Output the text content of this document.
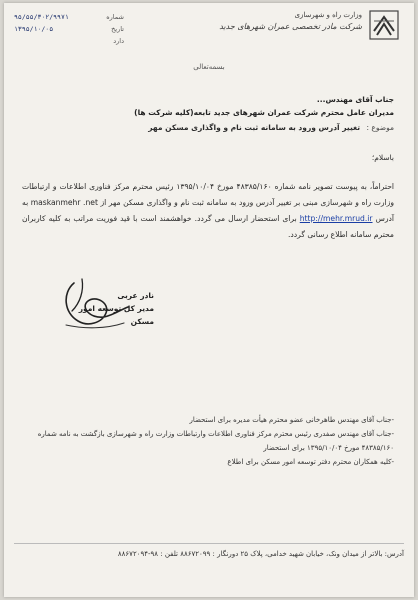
وزارت راه و شهرسازی
شرکت مادر تخصصی عمران شهرهای جدید
شماره
۹۵/۵۵/۳۰۲/۹۹۷۱
تاریخ
۱۳۹۵/۱۰/۰۵
دارد
بسمه‌تعالی
جناب آقای مهندس...
مدیران عامل محترم شرکت عمران شهرهای جدید تابعه(کلیه شرکت ها)
موضوع : تغییر آدرس ورود به سامانه ثبت نام و واگذاری مسکن مهر
باسلام؛
احتراماً، به پیوست تصویر نامه شماره ۴۸۳۸۵/۱۶۰ مورخ ۱۳۹۵/۱۰/۰۴ رئیس محترم مرکز فناوری اطلاعات و ارتباطات وزارت راه و شهرسازی مبنی بر تغییر آدرس ورود به سامانه ثبت نام و واگذاری مسکن مهر از maskanmehr .net به آدرس http://mehr.mrud.ir برای استحضار ارسال می گردد. خواهشمند است با قید فوریت مراتب به کلیه کاربران محترم سامانه اطلاع رسانی گردد.
نادر عربی
مدیر کل توسعه امور مسکن
-جناب آقای مهندس طاهرخانی عضو محترم هیأت مدیره برای استحضار
-جناب آقای مهندس صفدری رئیس محترم مرکز فناوری اطلاعات وارتباطات وزارت راه و شهرسازی بازگشت به نامه شماره ۴۸۳۸۵/۱۶۰ مورخ ۱۳۹۵/۱۰/۰۴ برای استحضار
-کلیه همکاران محترم دفتر توسعه امور مسکن برای اطلاع
آدرس: بالاتر از میدان ونک، خیابان شهید خدامی، پلاک ۲۵ دورنگار : ۸۸۶۷۲۰۹۹ تلفن : ۹۸-۸۸۶۷۲۰۹۴
